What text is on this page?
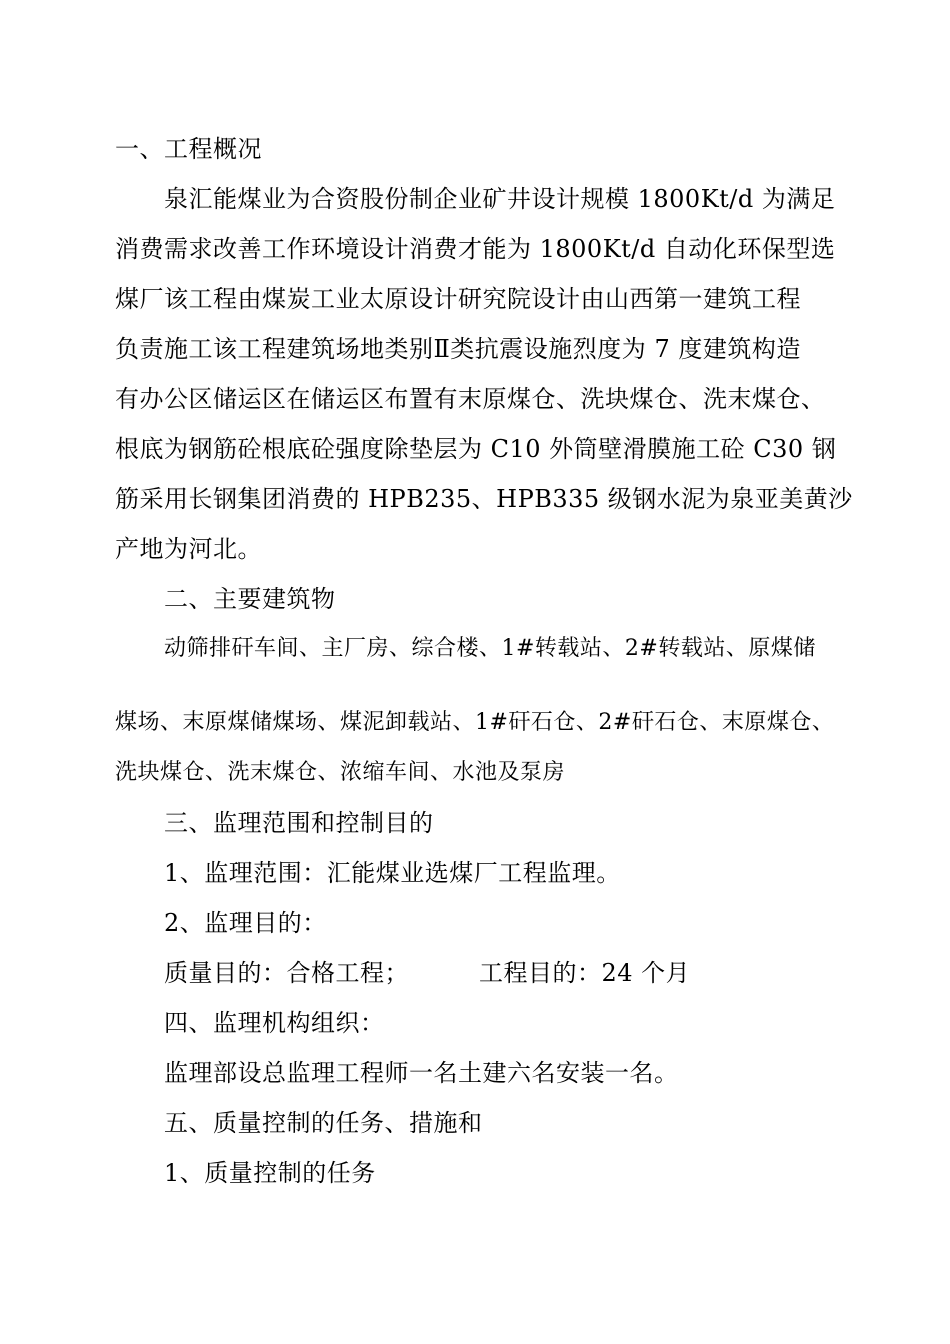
一、工程概况
泉汇能煤业为合资股份制企业矿井设计规模 1800Kt/d 为满足
消费需求改善工作环境设计消费才能为 1800Kt/d 自动化环保型选
煤厂该工程由煤炭工业太原设计研究院设计由山西第一建筑工程
负责施工该工程建筑场地类别Ⅱ类抗震设施烈度为 7 度建筑构造
有办公区储运区在储运区布置有末原煤仓、洗块煤仓、洗末煤仓、
根底为钢筋砼根底砼强度除垫层为 C10 外筒壁滑膜施工砼 C30 钢
筋采用长钢集团消费的 HPB235、HPB335 级钢水泥为泉亚美黄沙
产地为河北。
二、主要建筑物
动筛排矸车间、主厂房、综合楼、1#转载站、2#转载站、原煤储
煤场、末原煤储煤场、煤泥卸载站、1#矸石仓、2#矸石仓、末原煤仓、
洗块煤仓、洗末煤仓、浓缩车间、水池及泵房
三、监理范围和控制目的
1、监理范围：汇能煤业选煤厂工程监理。
2、监理目的：
质量目的：合格工程；	工程目的：24 个月
四、监理机构组织：
监理部设总监理工程师一名土建六名安装一名。
五、质量控制的任务、措施和
1、质量控制的任务
